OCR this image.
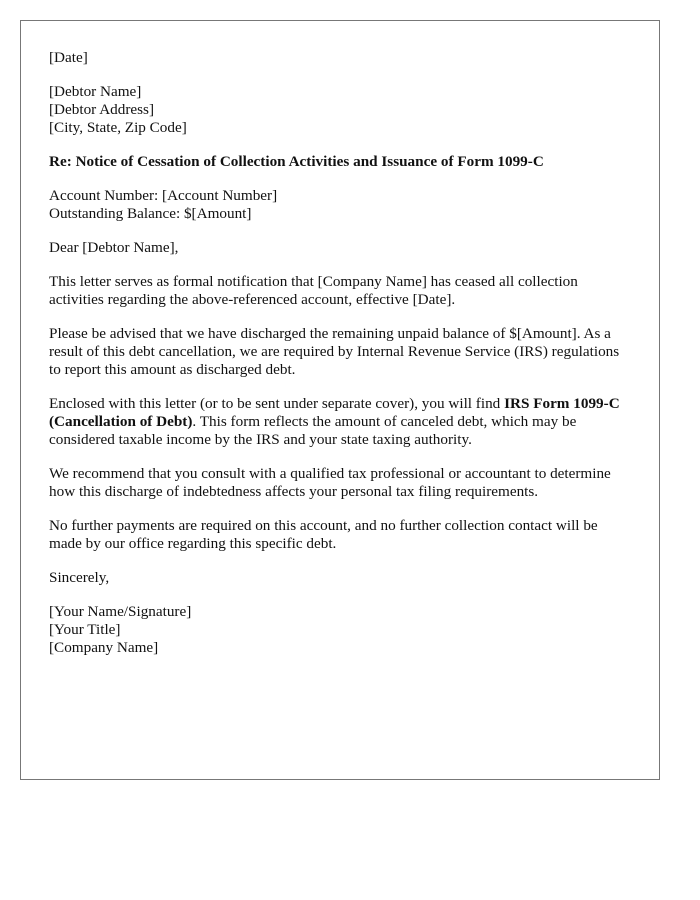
[Date]
[Debtor Name]
[Debtor Address]
[City, State, Zip Code]
Re: Notice of Cessation of Collection Activities and Issuance of Form 1099-C
Account Number: [Account Number]
Outstanding Balance: $[Amount]
Dear [Debtor Name],

This letter serves as formal notification that [Company Name] has ceased all collection activities regarding the above-referenced account, effective [Date].

Please be advised that we have discharged the remaining unpaid balance of $[Amount]. As a result of this debt cancellation, we are required by Internal Revenue Service (IRS) regulations to report this amount as discharged debt.

Enclosed with this letter (or to be sent under separate cover), you will find IRS Form 1099-C (Cancellation of Debt). This form reflects the amount of canceled debt, which may be considered taxable income by the IRS and your state taxing authority.

We recommend that you consult with a qualified tax professional or accountant to determine how this discharge of indebtedness affects your personal tax filing requirements.

No further payments are required on this account, and no further collection contact will be made by our office regarding this specific debt.

Sincerely,
[Your Name/Signature]
[Your Title]
[Company Name]
